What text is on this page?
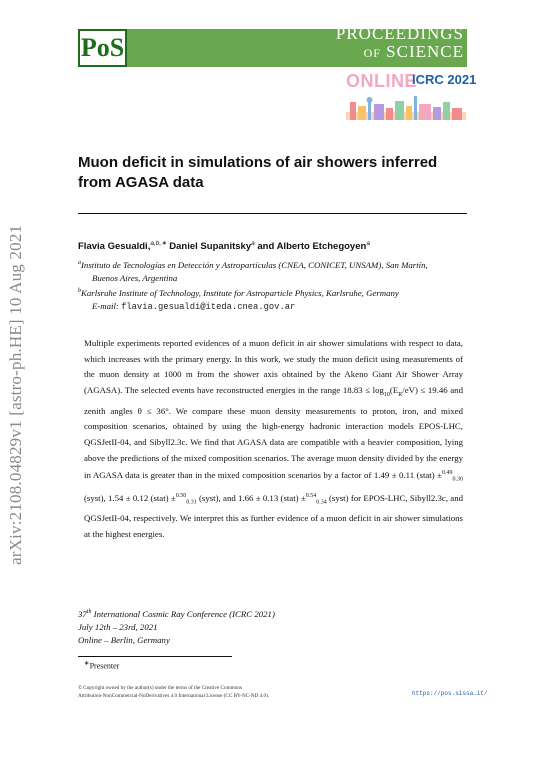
arXiv:2108.04829v1 [astro-ph.HE] 10 Aug 2021
PoS	PROCEEDINGS
OF SCIENCE
ONLINE
ICRC 2021
Muon deficit in simulations of air showers inferred from AGASA data
Flavia Gesualdi,$^{a,b,∗}$ Daniel Supanitsky$^a$ and Alberto Etchegoyen$^a$
$^a$Instituto de Tecnologías en Detección y Astropartículas (CNEA, CONICET, UNSAM), San Martín,
Buenos Aires, Argentina
$^b$Karlsruhe Institute of Technology, Institute for Astroparticle Physics, Karlsruhe, Germany
E-mail: flavia.gesualdi@iteda.cnea.gov.ar
Multiple experiments reported evidences of a muon deficit in air shower simulations with respect to data, which increases with the primary energy. In this work, we study the muon deficit using measurements of the muon density at 1000 m from the shower axis obtained by the Akeno Giant Air Shower Array (AGASA). The selected events have reconstructed energies in the range $18.83 \le \log_{10}(E_R/eV) \le 19.46$ and zenith angles θ ≤ 36°. We compare these muon density measurements to proton, iron, and mixed composition scenarios, obtained by using the high-energy hadronic interaction models EPOS-LHC, QGSJetII-04, and Sibyll2.3c. We find that AGASA data are compatible with a heavier composition, lying above the predictions of the mixed composition scenarios. The average muon density divided by the energy in AGASA data is greater than in the mixed composition scenarios by a factor of 1.49 ± 0.11 (stat) ±$^{0.49}_{0.30}$ (syst), 1.54 ± 0.12 (stat) ±$^{0.50}_{0.31}$ (syst), and 1.66 ± 0.13 (stat) ±$^{0.54}_{0.34}$ (syst) for EPOS-LHC, Sibyll2.3c, and QGSJetII-04, respectively. We interpret this as further evidence of a muon deficit in air shower simulations at the highest energies.
37th International Cosmic Ray Conference (ICRC 2021)
July 12th – 23rd, 2021
Online – Berlin, Germany
∗Presenter
© Copyright owned by the author(s) under the terms of the Creative Commons
Attribution-NonCommercial-NoDerivatives 4.0 International License (CC BY-NC-ND 4.0).	https://pos.sissa.it/
